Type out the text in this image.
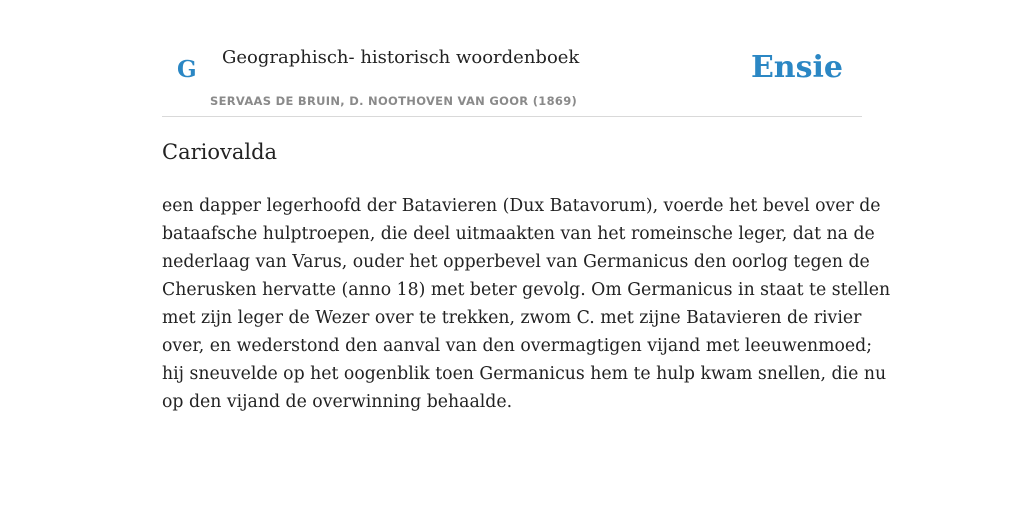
G Geographisch- historisch woordenboek
SERVAAS DE BRUIN, D. NOOTHOVEN VAN GOOR (1869)
Ensie
Cariovalda

een dapper legerhoofd der Batavieren (Dux Batavorum), voerde het bevel over de
bataafsche hulptroepen, die deel uitmaakten van het romeinsche leger, dat na de
nederlaag van Varus, ouder het opperbevel van Germanicus den oorlog tegen de
Cherusken hervatte (anno 18) met beter gevolg. Om Germanicus in staat te stellen
met zijn leger de Wezer over te trekken, zwom C. met zijne Batavieren de rivier
over, en wederstond den aanval van den overmagtigen vijand met leeuwenmoed;
hij sneuvelde op het oogenblik toen Germanicus hem te hulp kwam snellen, die nu
op den vijand de overwinning behaalde.
